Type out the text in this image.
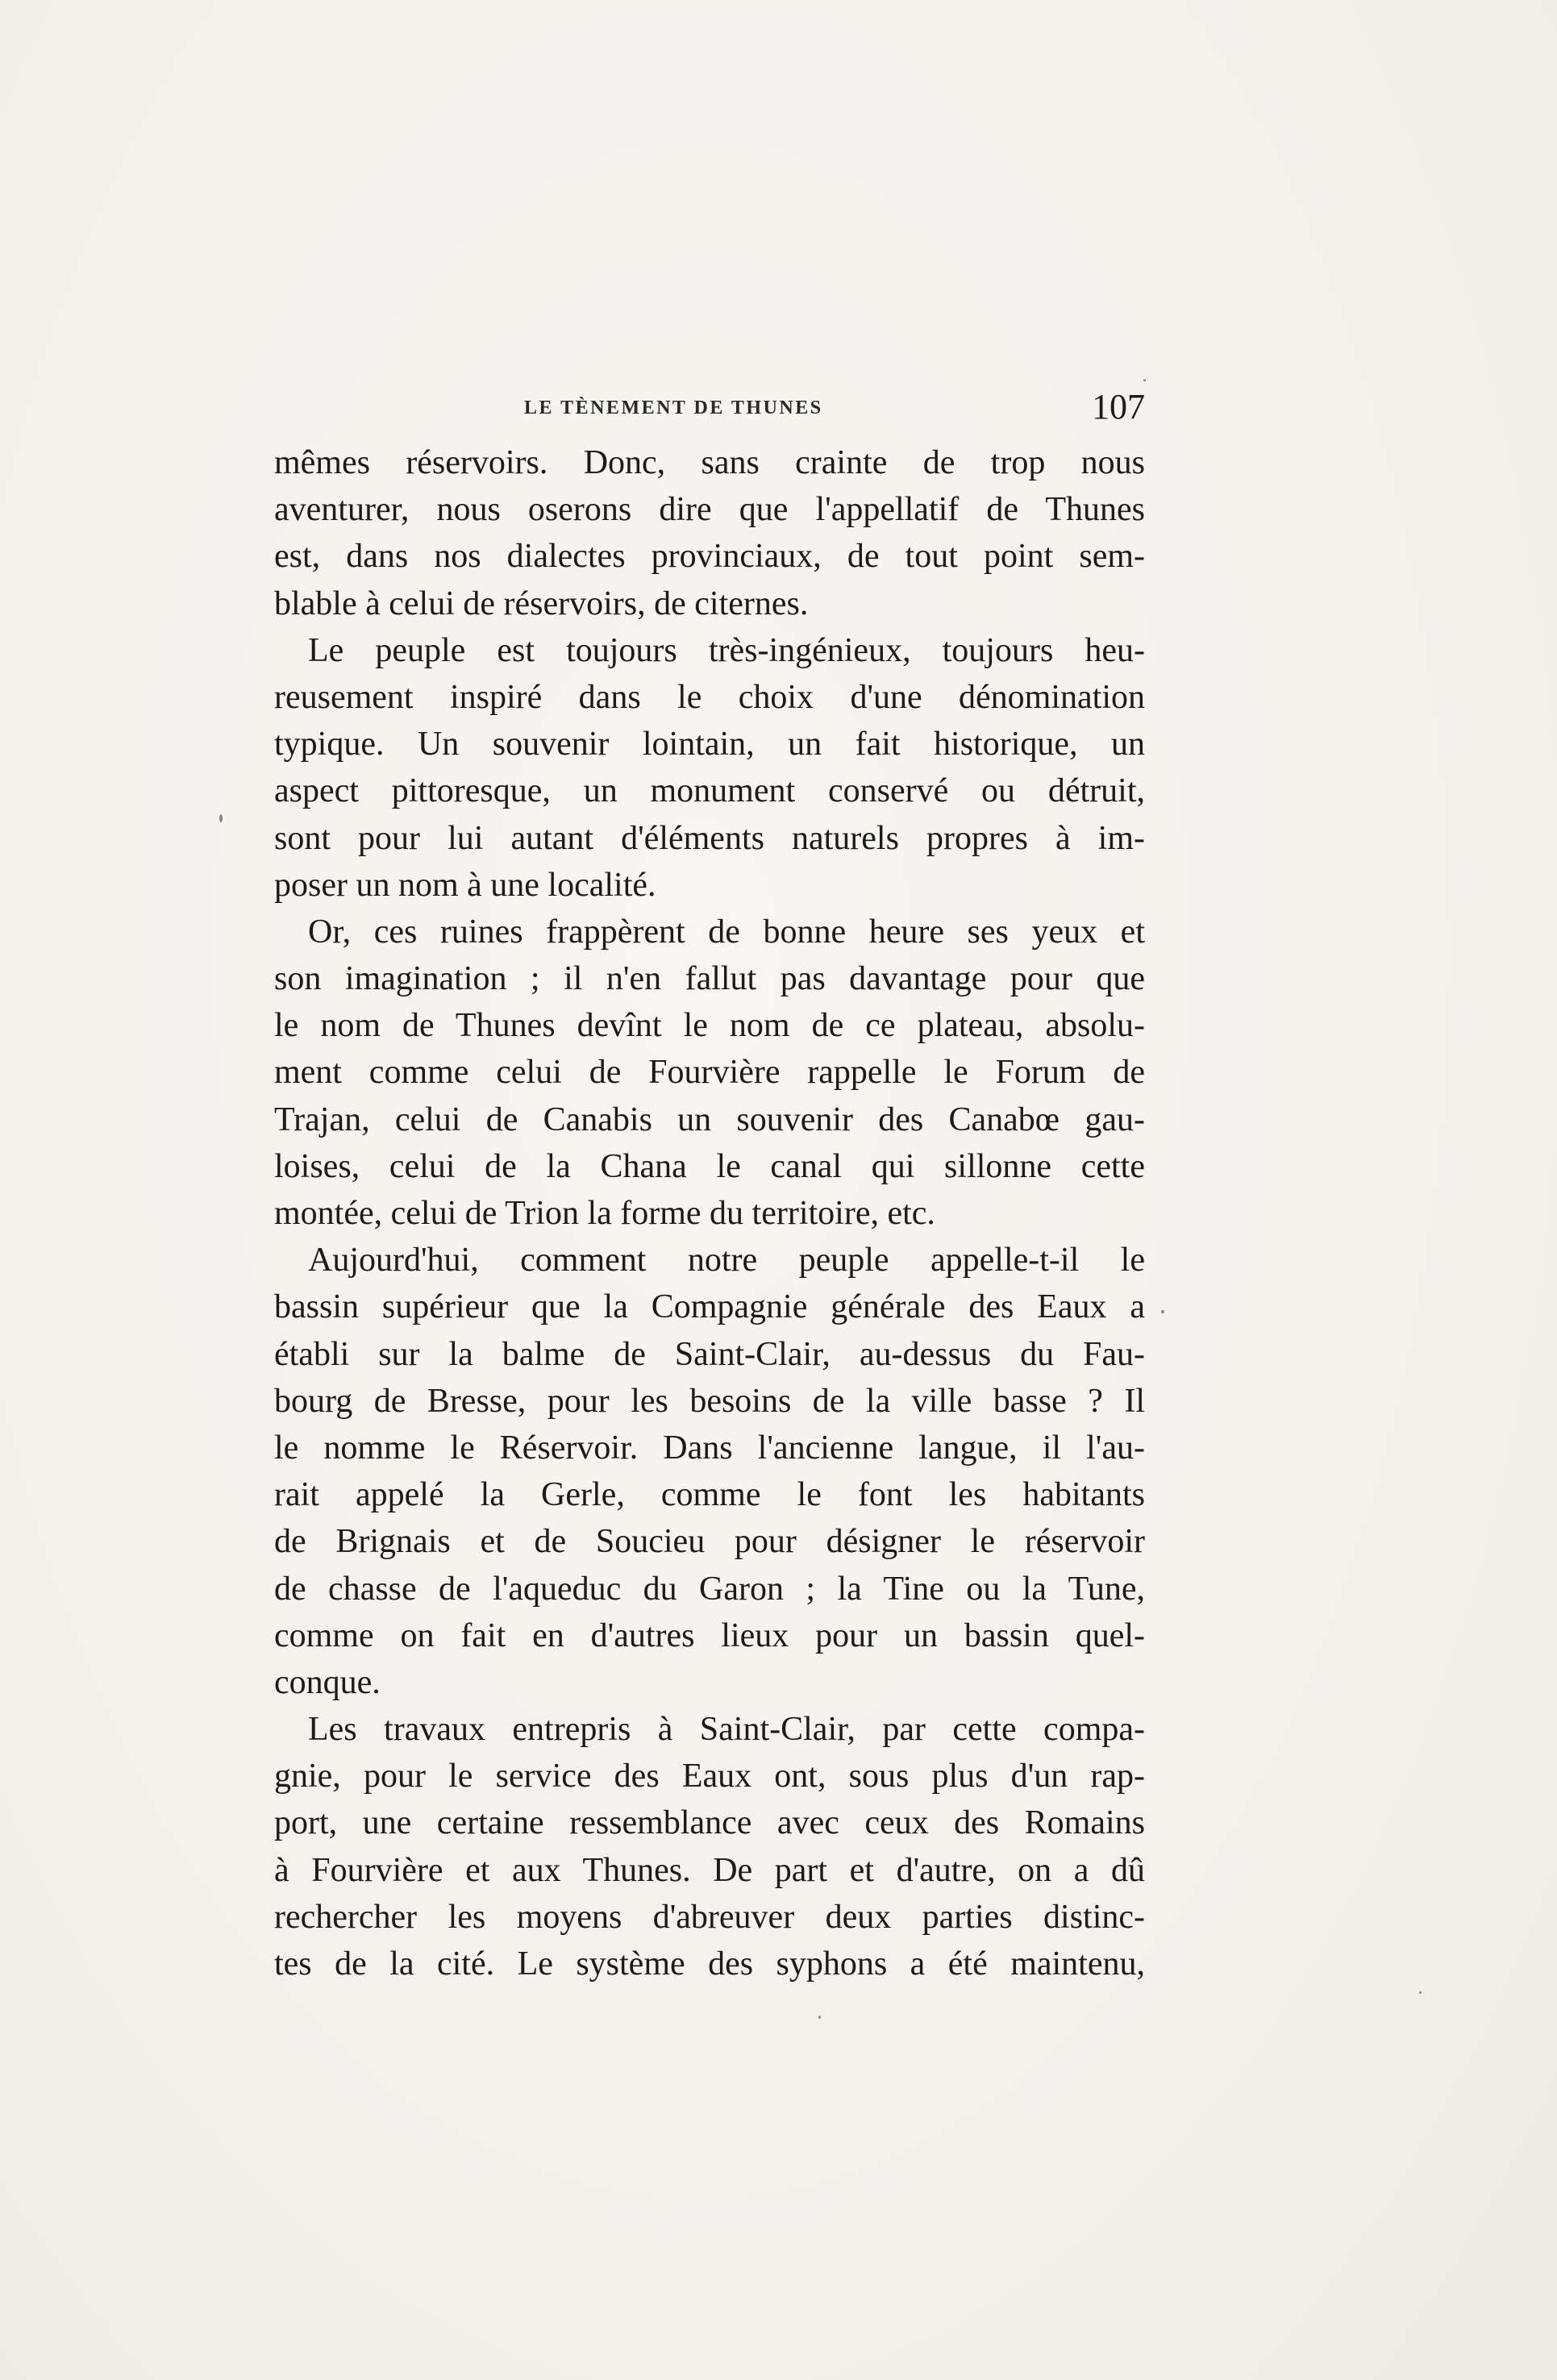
LE TÈNEMENT DE THUNES	107
mêmes réservoirs. Donc, sans crainte de trop nous
aventurer, nous oserons dire que l'appellatif de Thunes
est, dans nos dialectes provinciaux, de tout point sem-
blable à celui de réservoirs, de citernes.
Le peuple est toujours très-ingénieux, toujours heu-
reusement inspiré dans le choix d'une dénomination
typique. Un souvenir lointain, un fait historique, un
aspect pittoresque, un monument conservé ou détruit,
sont pour lui autant d'éléments naturels propres à im-
poser un nom à une localité.
Or, ces ruines frappèrent de bonne heure ses yeux et
son imagination ; il n'en fallut pas davantage pour que
le nom de Thunes devînt le nom de ce plateau, absolu-
ment comme celui de Fourvière rappelle le Forum de
Trajan, celui de Canabis un souvenir des Canabœ gau-
loises, celui de la Chana le canal qui sillonne cette
montée, celui de Trion la forme du territoire, etc.
Aujourd'hui, comment notre peuple appelle-t-il le
bassin supérieur que la Compagnie générale des Eaux a
établi sur la balme de Saint-Clair, au-dessus du Fau-
bourg de Bresse, pour les besoins de la ville basse ? Il
le nomme le Réservoir. Dans l'ancienne langue, il l'au-
rait appelé la Gerle, comme le font les habitants
de Brignais et de Soucieu pour désigner le réservoir
de chasse de l'aqueduc du Garon ; la Tine ou la Tune,
comme on fait en d'autres lieux pour un bassin quel-
conque.
Les travaux entrepris à Saint-Clair, par cette compa-
gnie, pour le service des Eaux ont, sous plus d'un rap-
port, une certaine ressemblance avec ceux des Romains
à Fourvière et aux Thunes. De part et d'autre, on a dû
rechercher les moyens d'abreuver deux parties distinc-
tes de la cité. Le système des syphons a été maintenu,
